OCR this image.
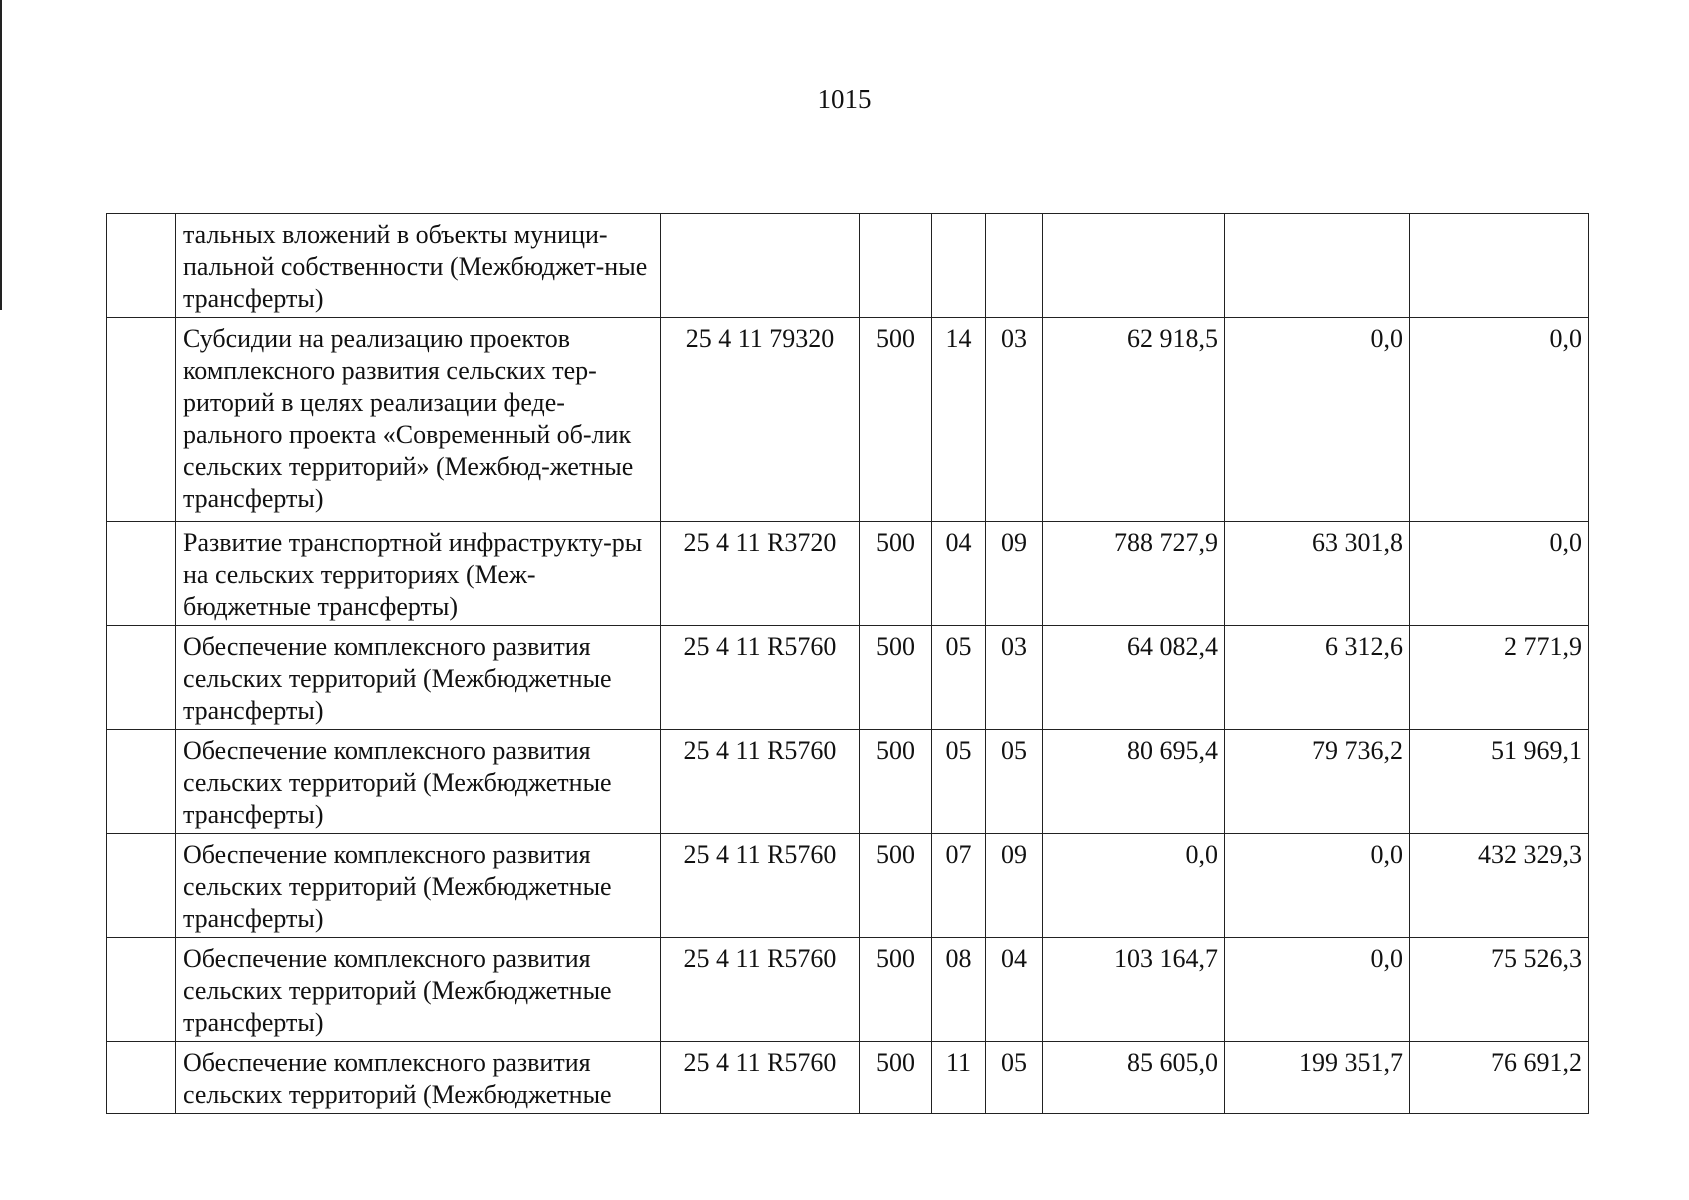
1015
	тальных вложений в объекты муници-пальной собственности (Межбюджет-ные трансферты)							
	Субсидии на реализацию проектов комплексного развития сельских тер-риторий в целях реализации феде-рального проекта «Современный об-лик сельских территорий» (Межбюд-жетные трансферты)	25 4 11 79320	500	14	03	62 918,5	0,0	0,0
	Развитие транспортной инфраструкту-ры на сельских территориях (Меж-бюджетные трансферты)	25 4 11 R3720	500	04	09	788 727,9	63 301,8	0,0
	Обеспечение комплексного развития сельских территорий (Межбюджетные трансферты)	25 4 11 R5760	500	05	03	64 082,4	6 312,6	2 771,9
	Обеспечение комплексного развития сельских территорий (Межбюджетные трансферты)	25 4 11 R5760	500	05	05	80 695,4	79 736,2	51 969,1
	Обеспечение комплексного развития сельских территорий (Межбюджетные трансферты)	25 4 11 R5760	500	07	09	0,0	0,0	432 329,3
	Обеспечение комплексного развития сельских территорий (Межбюджетные трансферты)	25 4 11 R5760	500	08	04	103 164,7	0,0	75 526,3
	Обеспечение комплексного развития сельских территорий (Межбюджетные	25 4 11 R5760	500	11	05	85 605,0	199 351,7	76 691,2
